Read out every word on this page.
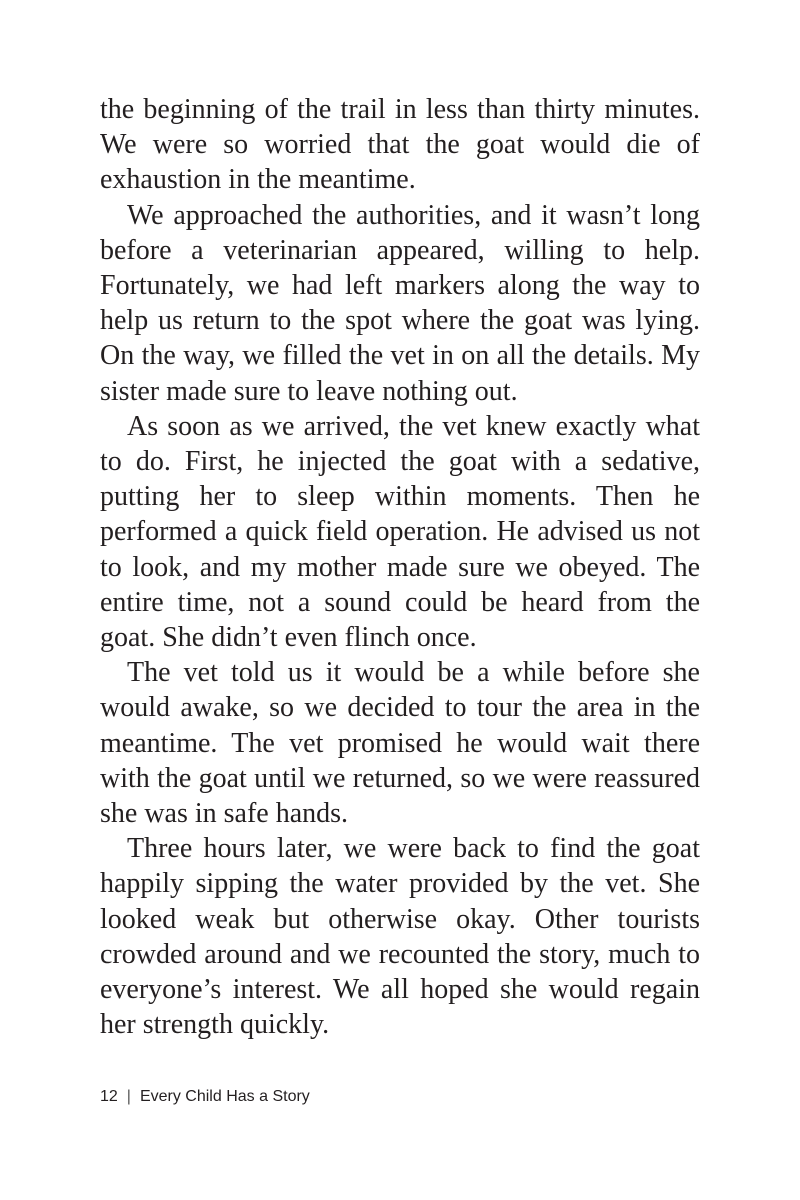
the beginning of the trail in less than thirty minutes. We were so worried that the goat would die of exhaustion in the meantime.

We approached the authorities, and it wasn’t long before a veterinarian appeared, willing to help. Fortunately, we had left markers along the way to help us return to the spot where the goat was lying. On the way, we filled the vet in on all the details. My sister made sure to leave nothing out.

As soon as we arrived, the vet knew exactly what to do. First, he injected the goat with a sedative, putting her to sleep within moments. Then he performed a quick field operation. He advised us not to look, and my mother made sure we obeyed. The entire time, not a sound could be heard from the goat. She didn’t even flinch once.

The vet told us it would be a while before she would awake, so we decided to tour the area in the meantime. The vet promised he would wait there with the goat until we returned, so we were reassured she was in safe hands.

Three hours later, we were back to find the goat happily sipping the water provided by the vet. She looked weak but otherwise okay. Other tourists crowded around and we recounted the story, much to everyone’s interest. We all hoped she would regain her strength quickly.

12 | Every Child Has a Story
